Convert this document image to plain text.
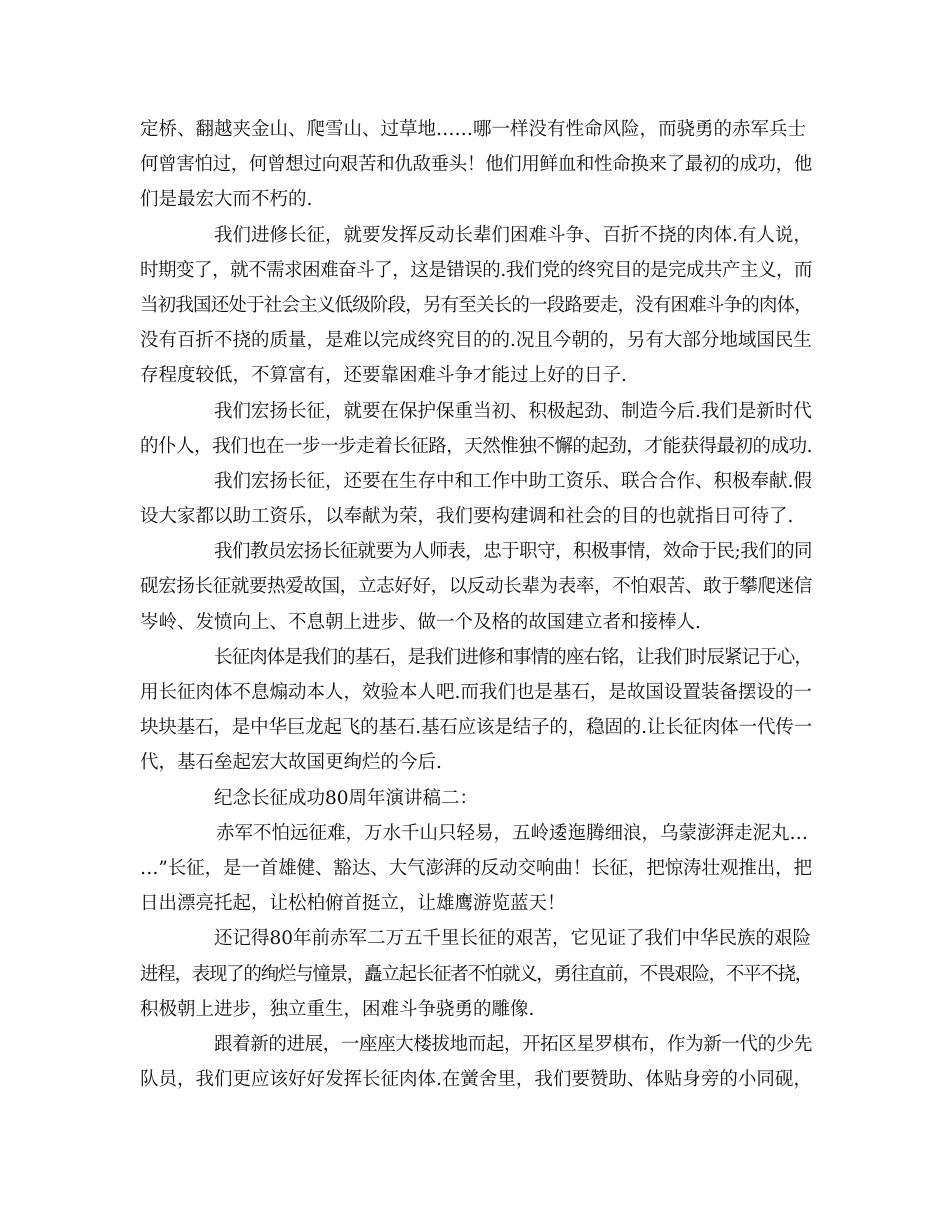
定桥、翻越夹金山、爬雪山、过草地……哪一样没有性命风险，而骁勇的赤军兵士
何曾害怕过，何曾想过向艰苦和仇敌垂头！他们用鲜血和性命换来了最初的成功，他
们是最宏大而不朽的.
我们进修长征，就要发挥反动长辈们困难斗争、百折不挠的肉体.有人说，
时期变了，就不需求困难奋斗了，这是错误的.我们党的终究目的是完成共产主义，而
当初我国还处于社会主义低级阶段，另有至关长的一段路要走，没有困难斗争的肉体，
没有百折不挠的质量，是难以完成终究目的的.况且今朝的，另有大部分地域国民生
存程度较低，不算富有，还要靠困难斗争才能过上好的日子.
我们宏扬长征，就要在保护保重当初、积极起劲、制造今后.我们是新时代
的仆人，我们也在一步一步走着长征路，天然惟独不懈的起劲，才能获得最初的成功.
我们宏扬长征，还要在生存中和工作中助工资乐、联合合作、积极奉献.假
设大家都以助工资乐，以奉献为荣，我们要构建调和社会的目的也就指日可待了.
我们教员宏扬长征就要为人师表，忠于职守，积极事情，效命于民;我们的同
砚宏扬长征就要热爱故国，立志好好，以反动长辈为表率，不怕艰苦、敢于攀爬迷信
岑岭、发愤向上、不息朝上进步、做一个及格的故国建立者和接棒人.
长征肉体是我们的基石，是我们进修和事情的座右铭，让我们时辰紧记于心，
用长征肉体不息煽动本人，效验本人吧.而我们也是基石，是故国设置装备摆设的一
块块基石，是中华巨龙起飞的基石.基石应该是结子的，稳固的.让长征肉体一代传一
代，基石垒起宏大故国更绚烂的今后.
纪念长征成功80周年演讲稿二：
赤军不怕远征难，万水千山只轻易，五岭逶迤腾细浪，乌蒙澎湃走泥丸…
…”长征，是一首雄健、豁达、大气澎湃的反动交响曲！长征，把惊涛壮观推出，把
日出漂亮托起，让松柏俯首挺立，让雄鹰游览蓝天！
还记得80年前赤军二万五千里长征的艰苦，它见证了我们中华民族的艰险
进程，表现了的绚烂与憧景，矗立起长征者不怕就义，勇往直前，不畏艰险，不平不挠，
积极朝上进步，独立重生，困难斗争骁勇的雕像.
跟着新的进展，一座座大楼拔地而起，开拓区星罗棋布，作为新一代的少先
队员，我们更应该好好发挥长征肉体.在黉舍里，我们要赞助、体贴身旁的小同砚，
